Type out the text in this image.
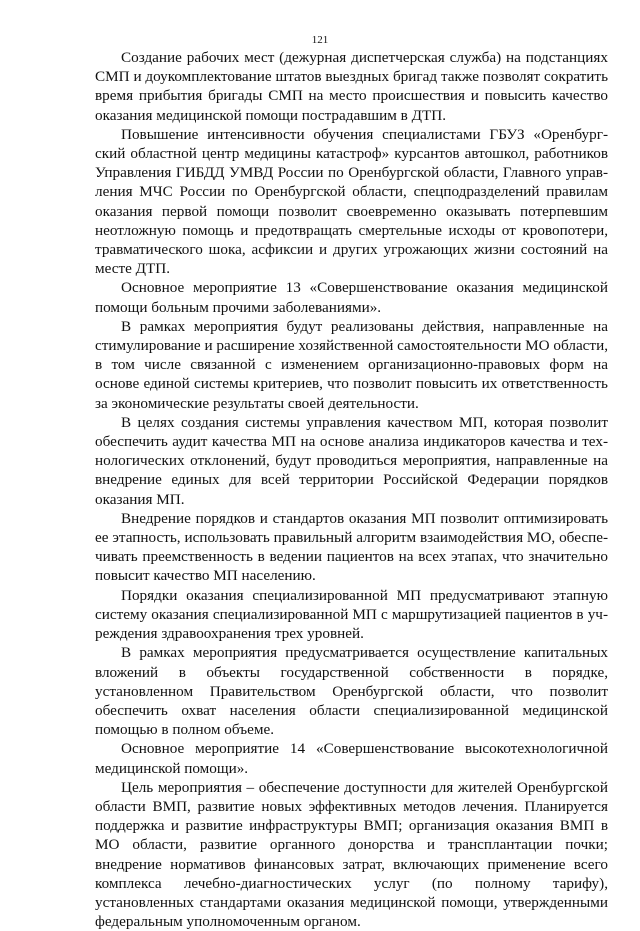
121

Создание рабочих мест (дежурная диспетчерская служба) на подстанциях СМП и доукомплектование штатов выездных бригад также позволят сократить время прибытия бригады СМП на место происшествия и повысить качество оказания медицинской помощи пострадавшим в ДТП.

Повышение интенсивности обучения специалистами ГБУЗ «Оренбургский областной центр медицины катастроф» курсантов автошкол, работников Управления ГИБДД УМВД России по Оренбургской области, Главного управления МЧС России по Оренбургской области, спецподразделений правилам оказания первой помощи позволит своевременно оказывать потерпевшим неотложную помощь и предотвращать смертельные исходы от кровопотери, травматического шока, асфиксии и других угрожающих жизни состояний на месте ДТП.

Основное мероприятие 13 «Совершенствование оказания медицинской помощи больным прочими заболеваниями».

В рамках мероприятия будут реализованы действия, направленные на стимулирование и расширение хозяйственной самостоятельности МО области, в том числе связанной с изменением организационно-правовых форм на основе единой системы критериев, что позволит повысить их ответственность за экономические результаты своей деятельности.

В целях создания системы управления качеством МП, которая позволит обеспечить аудит качества МП на основе анализа индикаторов качества и технологических отклонений, будут проводиться мероприятия, направленные на внедрение единых для всей территории Российской Федерации порядков оказания МП.

Внедрение порядков и стандартов оказания МП позволит оптимизировать ее этапность, использовать правильный алгоритм взаимодействия МО, обеспечивать преемственность в ведении пациентов на всех этапах, что значительно повысит качество МП населению.

Порядки оказания специализированной МП предусматривают этапную систему оказания специализированной МП с маршрутизацией пациентов в учреждения здравоохранения трех уровней.

В рамках мероприятия предусматривается осуществление капитальных вложений в объекты государственной собственности в порядке, установленном Правительством Оренбургской области, что позволит обеспечить охват населения области специализированной медицинской помощью в полном объеме.

Основное мероприятие 14 «Совершенствование высокотехнологичной медицинской помощи».

Цель мероприятия – обеспечение доступности для жителей Оренбургской области ВМП, развитие новых эффективных методов лечения. Планируется поддержка и развитие инфраструктуры ВМП; организация оказания ВМП в МО области, развитие органного донорства и трансплантации почки; внедрение нормативов финансовых затрат, включающих применение всего комплекса лечебно-диагностических услуг (по полному тарифу), установленных стандартами оказания медицинской помощи, утвержденными федеральным уполномоченным органом.
